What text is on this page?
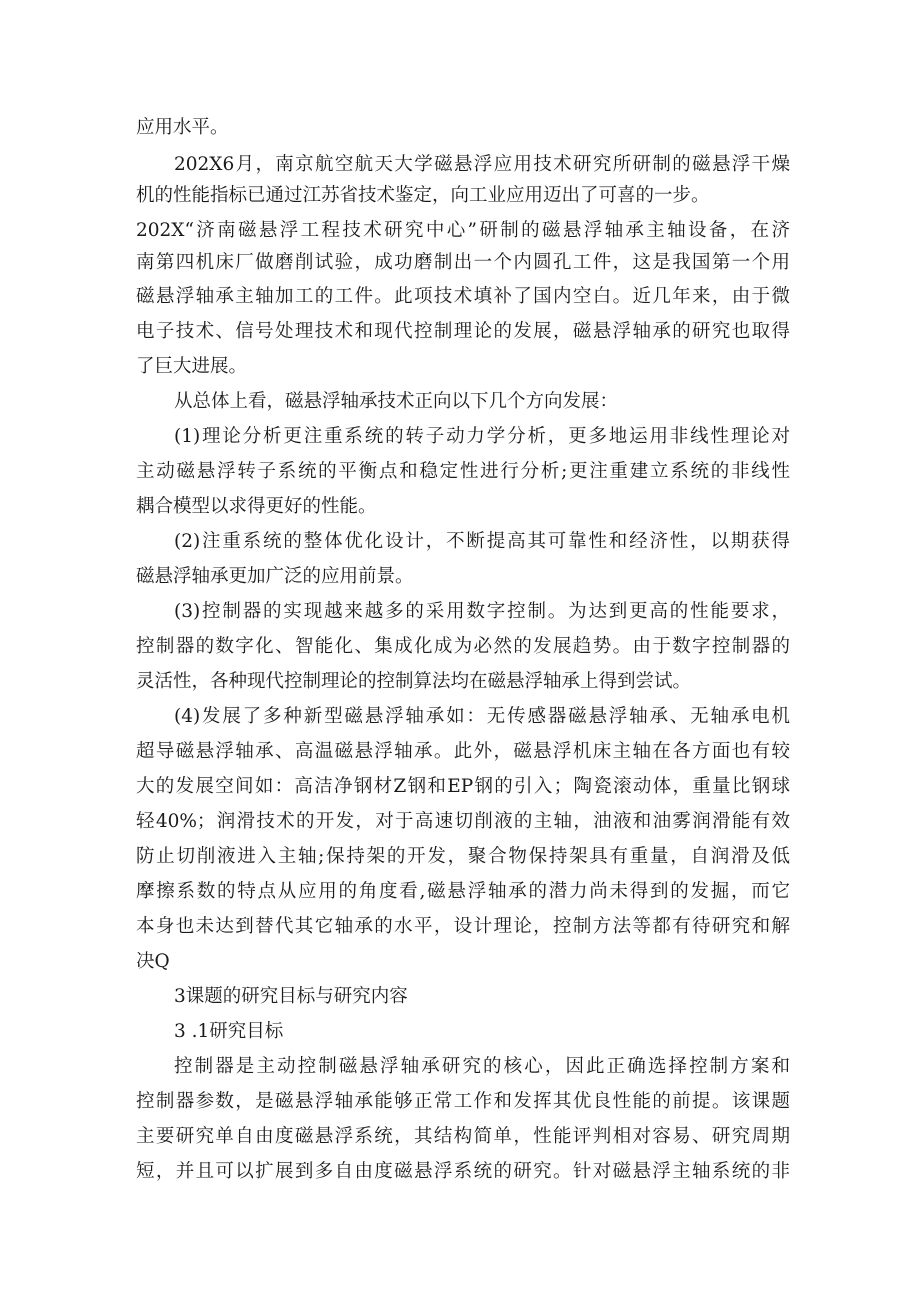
应用水平。
202X6月，南京航空航天大学磁悬浮应用技术研究所研制的磁悬浮干燥
机的性能指标已通过江苏省技术鉴定，向工业应用迈出了可喜的一步。
202X“济南磁悬浮工程技术研究中心”研制的磁悬浮轴承主轴设备，在济
南第四机床厂做磨削试验，成功磨制出一个内圆孔工件，这是我国第一个用
磁悬浮轴承主轴加工的工件。此项技术填补了国内空白。近几年来，由于微
电子技术、信号处理技术和现代控制理论的发展，磁悬浮轴承的研究也取得
了巨大进展。
从总体上看，磁悬浮轴承技术正向以下几个方向发展：
(1)理论分析更注重系统的转子动力学分析，更多地运用非线性理论对
主动磁悬浮转子系统的平衡点和稳定性进行分析;更注重建立系统的非线性
耦合模型以求得更好的性能。
(2)注重系统的整体优化设计，不断提高其可靠性和经济性，以期获得
磁悬浮轴承更加广泛的应用前景。
(3)控制器的实现越来越多的采用数字控制。为达到更高的性能要求，
控制器的数字化、智能化、集成化成为必然的发展趋势。由于数字控制器的
灵活性，各种现代控制理论的控制算法均在磁悬浮轴承上得到尝试。
(4)发展了多种新型磁悬浮轴承如：无传感器磁悬浮轴承、无轴承电机
超导磁悬浮轴承、高温磁悬浮轴承。此外，磁悬浮机床主轴在各方面也有较
大的发展空间如：高洁净钢材Z钢和EP钢的引入；陶瓷滚动体，重量比钢球
轻40%；润滑技术的开发，对于高速切削液的主轴，油液和油雾润滑能有效
防止切削液进入主轴;保持架的开发，聚合物保持架具有重量，自润滑及低
摩擦系数的特点从应用的角度看,磁悬浮轴承的潜力尚未得到的发掘，而它
本身也未达到替代其它轴承的水平，设计理论，控制方法等都有待研究和解
决Q
3课题的研究目标与研究内容
3 .1研究目标
控制器是主动控制磁悬浮轴承研究的核心，因此正确选择控制方案和
控制器参数，是磁悬浮轴承能够正常工作和发挥其优良性能的前提。该课题
主要研究单自由度磁悬浮系统，其结构简单，性能评判相对容易、研究周期
短，并且可以扩展到多自由度磁悬浮系统的研究。针对磁悬浮主轴系统的非
